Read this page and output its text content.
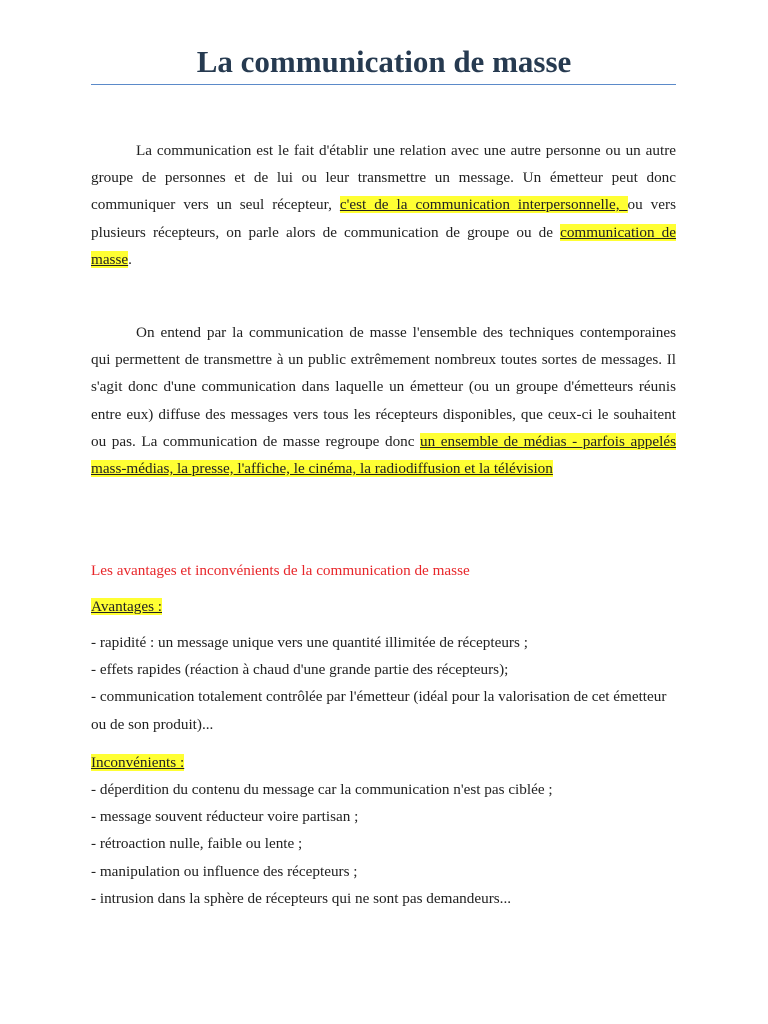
La communication de masse

La communication est le fait d'établir une relation avec une autre personne ou un autre groupe de personnes et de lui ou leur transmettre un message. Un émetteur peut donc communiquer vers un seul récepteur, c'est de la communication interpersonnelle, ou vers plusieurs récepteurs, on parle alors de communication de groupe ou de communication de masse.

On entend par la communication de masse l'ensemble des techniques contemporaines qui permettent de transmettre à un public extrêmement nombreux toutes sortes de messages. Il s'agit donc d'une communication dans laquelle un émetteur (ou un groupe d'émetteurs réunis entre eux) diffuse des messages vers tous les récepteurs disponibles, que ceux-ci le souhaitent ou pas. La communication de masse regroupe donc un ensemble de médias - parfois appelés mass-médias, la presse, l'affiche, le cinéma, la radiodiffusion et la télévision

Les avantages et inconvénients de la communication de masse

Avantages :

- rapidité : un message unique vers une quantité illimitée de récepteurs ;
- effets rapides (réaction à chaud d'une grande partie des récepteurs);
- communication totalement contrôlée par l'émetteur (idéal pour la valorisation de cet émetteur ou de son produit)...

Inconvénients :

- déperdition du contenu du message car la communication n'est pas ciblée ;
- message souvent réducteur voire partisan ;
- rétroaction nulle, faible ou lente ;
- manipulation ou influence des récepteurs ;
- intrusion dans la sphère de récepteurs qui ne sont pas demandeurs...
